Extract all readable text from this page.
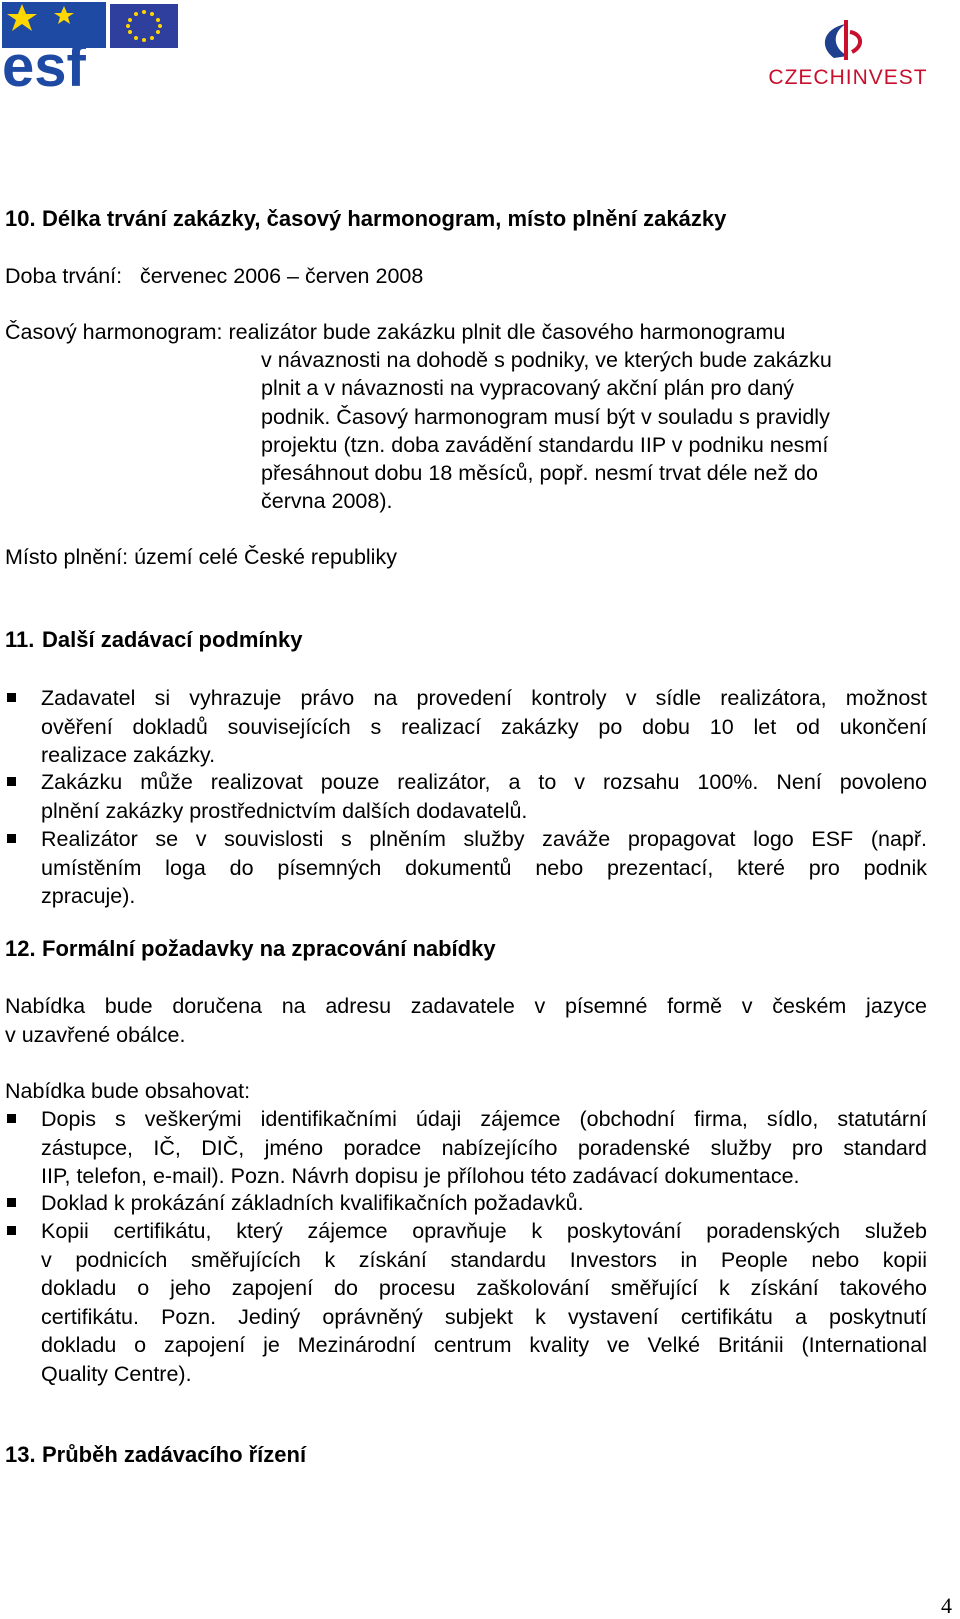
esf	CZECHINVEST
10. Délka trvání zakázky, časový harmonogram, místo plnění zakázky
Doba trvání:   červenec 2006 – červen 2008
Časový harmonogram: realizátor bude zakázku plnit dle časového harmonogramu
v návaznosti na dohodě s podniky, ve kterých bude zakázku
plnit a v návaznosti na vypracovaný akční plán pro daný
podnik. Časový harmonogram musí být v souladu s pravidly
projektu (tzn. doba zavádění standardu IIP v podniku nesmí
přesáhnout dobu 18 měsíců, popř. nesmí trvat déle než do
června 2008).
Místo plnění: území celé České republiky
11. Další zadávací podmínky
Zadavatel si vyhrazuje právo na provedení kontroly v sídle realizátora, možnost
ověření dokladů souvisejících s realizací zakázky po dobu 10 let od ukončení
realizace zakázky.
Zakázku může realizovat pouze realizátor, a to v rozsahu 100%. Není povoleno
plnění zakázky prostřednictvím dalších dodavatelů.
Realizátor se v souvislosti s plněním služby zaváže propagovat logo ESF (např.
umístěním loga do písemných dokumentů nebo prezentací, které pro podnik
zpracuje).
12. Formální požadavky na zpracování nabídky
Nabídka bude doručena na adresu zadavatele v písemné formě v českém jazyce
v uzavřené obálce.
Nabídka bude obsahovat:
Dopis s veškerými identifikačními údaji zájemce (obchodní firma, sídlo, statutární
zástupce, IČ, DIČ, jméno poradce nabízejícího poradenské služby pro standard
IIP, telefon, e-mail). Pozn. Návrh dopisu je přílohou této zadávací dokumentace.
Doklad k prokázání základních kvalifikačních požadavků.
Kopii certifikátu, který zájemce opravňuje k poskytování poradenských služeb
v podnicích směřujících k získání standardu Investors in People nebo kopii
dokladu o jeho zapojení do procesu zaškolování směřující k získání takového
certifikátu. Pozn. Jediný oprávněný subjekt k vystavení certifikátu a poskytnutí
dokladu o zapojení je Mezinárodní centrum kvality ve Velké Británii (International
Quality Centre).
13. Průběh zadávacího řízení
4
